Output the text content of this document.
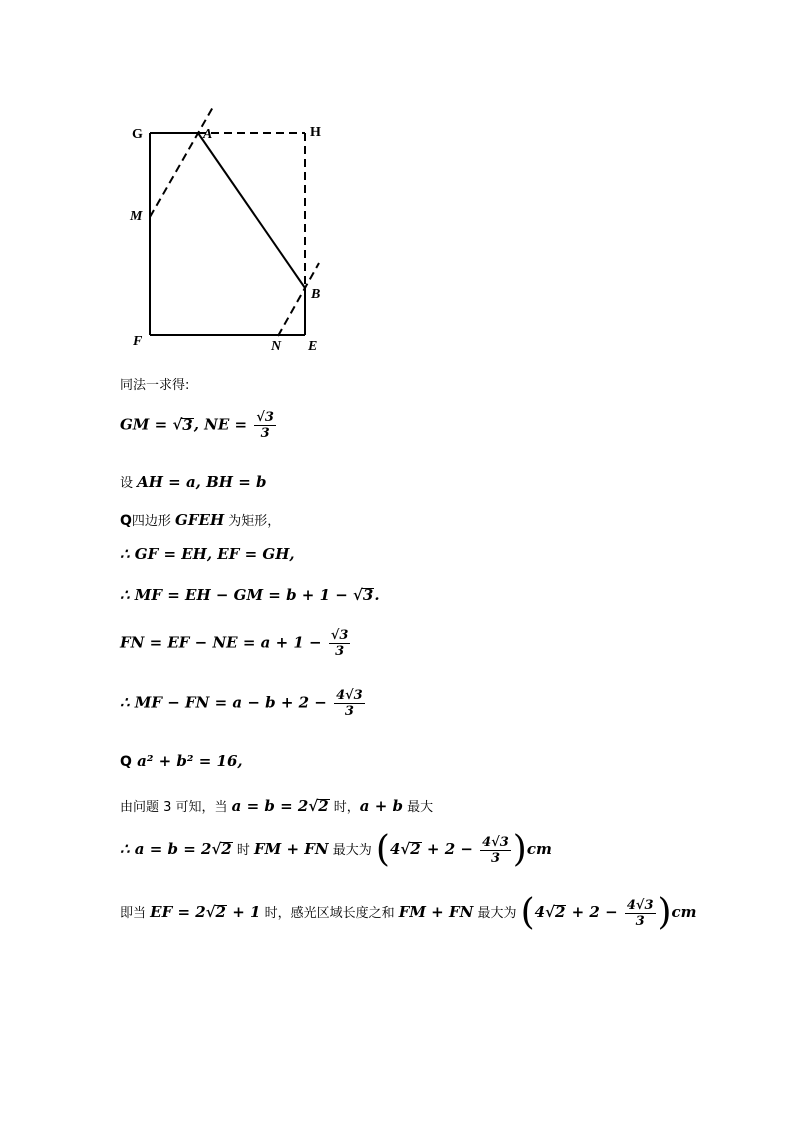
G	A	H
M
B
F	N E
同法一求得:
GM = √3, NE = $\frac{√3}{3}$
设 AH = a, BH = b
Q四边形 GFEH 为矩形，
∴ GF = EH, EF = GH,
∴ MF = EH − GM = b + 1 − √3.
FN = EF − NE = $a + 1 - \frac{√3}{3}$
∴ MF − FN = $a - b + 2 - \frac{4√3}{3}$
Q a² + b² = 16,
由问题 3 可知，当 a = b = 2√2 时，a + b 最大
∴ a = b = 2√2 时 FM + FN 最大为 $(4√2 + 2 - \frac{4√3}{3} )cm$
即当 EF = 2√2 + 1 时，感光区域长度之和 FM + FN 最大为 $(4√2 + 2 - \frac{4√3}{3} )cm$
